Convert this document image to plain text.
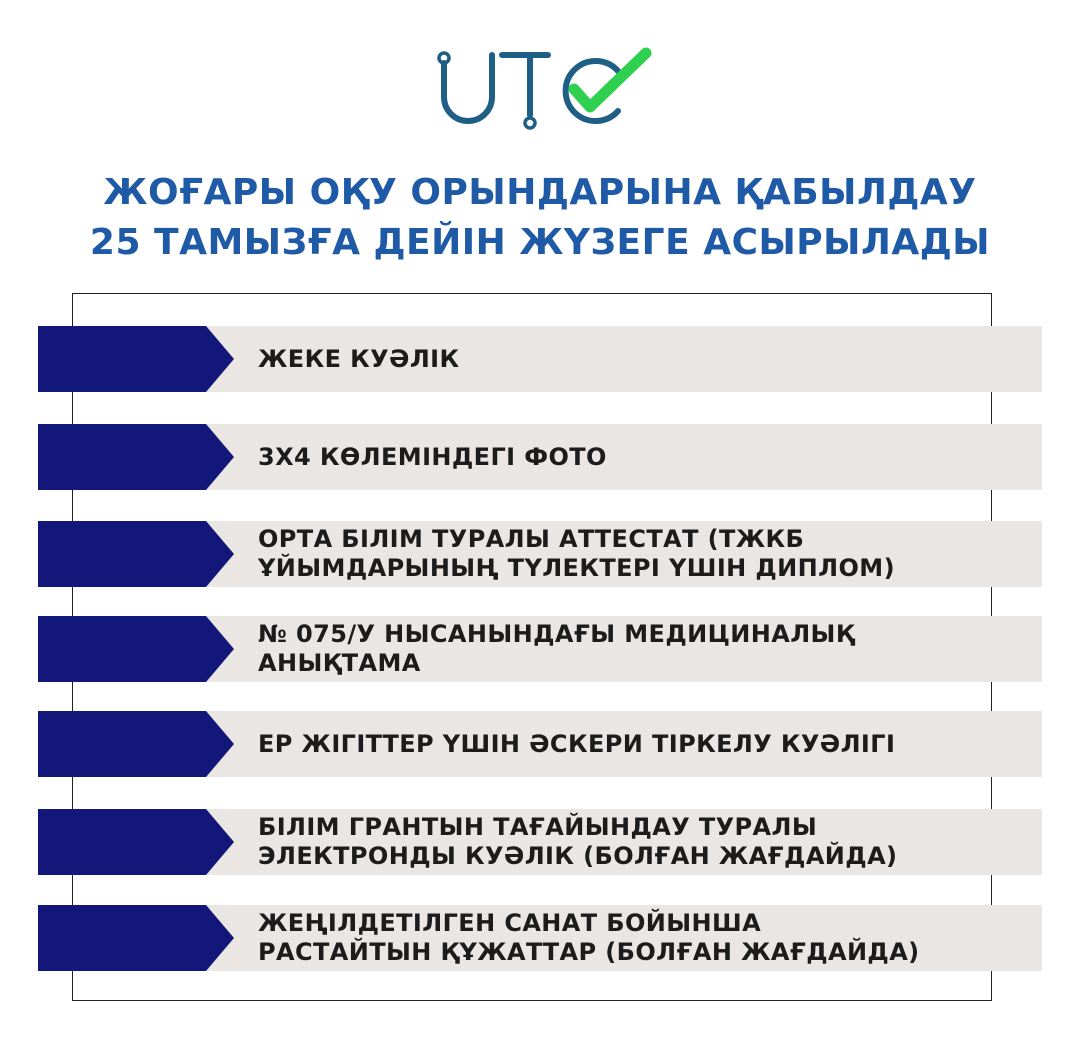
ЖОҒАРЫ ОҚУ ОРЫНДАРЫНА ҚАБЫЛДАУ
25 ТАМЫЗҒА ДЕЙІН ЖҮЗЕГЕ АСЫРЫЛАДЫ
ЖЕКЕ КУӘЛІК
3Х4 КӨЛЕМІНДЕГІ ФОТО
ОРТА БІЛІМ ТУРАЛЫ АТТЕСТАТ (ТЖКБ
ҰЙЫМДАРЫНЫҢ ТҮЛЕКТЕРІ ҮШІН ДИПЛОМ)
№ 075/У НЫСАНЫНДАҒЫ МЕДИЦИНАЛЫҚ
АНЫҚТАМА
ЕР ЖІГІТТЕР ҮШІН ӘСКЕРИ ТІРКЕЛУ КУӘЛІГІ
БІЛІМ ГРАНТЫН ТАҒАЙЫНДАУ ТУРАЛЫ
ЭЛЕКТРОНДЫ КУӘЛІК (БОЛҒАН ЖАҒДАЙДА)
ЖЕҢІЛДЕТІЛГЕН САНАТ БОЙЫНША
РАСТАЙТЫН ҚҰЖАТТАР (БОЛҒАН ЖАҒДАЙДА)
